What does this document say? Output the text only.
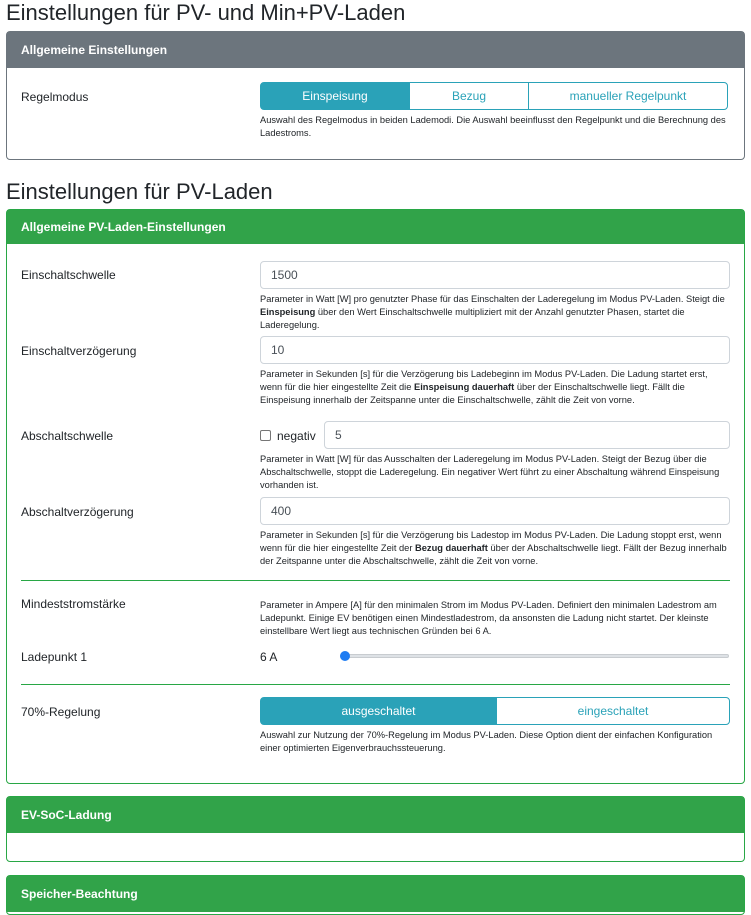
Einstellungen für PV- und Min+PV-Laden
Allgemeine Einstellungen
Regelmodus	Einspeisung	Bezug	manueller Regelpunkt
Auswahl des Regelmodus in beiden Lademodi. Die Auswahl beeinflusst den Regelpunkt und die Berechnung des Ladestroms.
Einstellungen für PV-Laden
Allgemeine PV-Laden-Einstellungen
Einschaltschwelle	1500
Parameter in Watt [W] pro genutzter Phase für das Einschalten der Laderegelung im Modus PV-Laden. Steigt die Einspeisung über den Wert Einschaltschwelle multipliziert mit der Anzahl genutzter Phasen, startet die Laderegelung.
Einschaltverzögerung	10
Parameter in Sekunden [s] für die Verzögerung bis Ladebeginn im Modus PV-Laden. Die Ladung startet erst, wenn für die hier eingestellte Zeit die Einspeisung dauerhaft über der Einschaltschwelle liegt. Fällt die Einspeisung innerhalb der Zeitspanne unter die Einschaltschwelle, zählt die Zeit von vorne.
Abschaltschwelle	negativ	5
Parameter in Watt [W] für das Ausschalten der Laderegelung im Modus PV-Laden. Steigt der Bezug über die Abschaltschwelle, stoppt die Laderegelung. Ein negativer Wert führt zu einer Abschaltung während Einspeisung vorhanden ist.
Abschaltverzögerung	400
Parameter in Sekunden [s] für die Verzögerung bis Ladestop im Modus PV-Laden. Die Ladung stoppt erst, wenn wenn für die hier eingestellte Zeit der Bezug dauerhaft über der Abschaltschwelle liegt. Fällt der Bezug innerhalb der Zeitspanne unter die Abschaltschwelle, zählt die Zeit von vorne.
Mindeststromstärke	Parameter in Ampere [A] für den minimalen Strom im Modus PV-Laden. Definiert den minimalen Ladestrom am Ladepunkt. Einige EV benötigen einen Mindestladestrom, da ansonsten die Ladung nicht startet. Der kleinste einstellbare Wert liegt aus technischen Gründen bei 6 A.
Ladepunkt 1	6 A
70%-Regelung	ausgeschaltet	eingeschaltet
Auswahl zur Nutzung der 70%-Regelung im Modus PV-Laden. Diese Option dient der einfachen Konfiguration einer optimierten Eigenverbrauchssteuerung.
EV-SoC-Ladung
Speicher-Beachtung
